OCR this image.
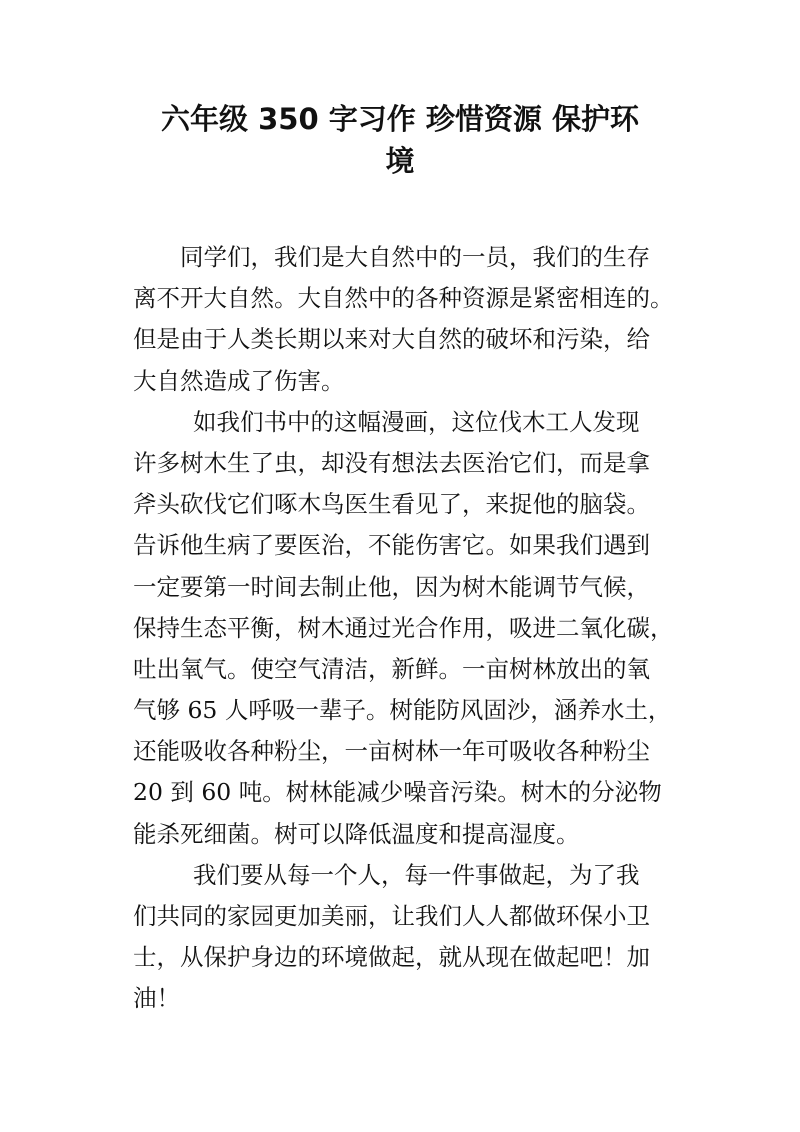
六年级 350 字习作 珍惜资源 保护环
境
同学们，我们是大自然中的一员，我们的生存
离不开大自然。大自然中的各种资源是紧密相连的。
但是由于人类长期以来对大自然的破坏和污染，给
大自然造成了伤害。
如我们书中的这幅漫画，这位伐木工人发现
许多树木生了虫，却没有想法去医治它们，而是拿
斧头砍伐它们啄木鸟医生看见了，来捉他的脑袋。
告诉他生病了要医治，不能伤害它。如果我们遇到
一定要第一时间去制止他，因为树木能调节气候，
保持生态平衡，树木通过光合作用，吸进二氧化碳，
吐出氧气。使空气清洁，新鲜。一亩树林放出的氧
气够 65 人呼吸一辈子。树能防风固沙，涵养水土，
还能吸收各种粉尘，一亩树林一年可吸收各种粉尘
20 到 60 吨。树林能减少噪音污染。树木的分泌物
能杀死细菌。树可以降低温度和提高湿度。
我们要从每一个人，每一件事做起，为了我
们共同的家园更加美丽，让我们人人都做环保小卫
士，从保护身边的环境做起，就从现在做起吧！加
油！
